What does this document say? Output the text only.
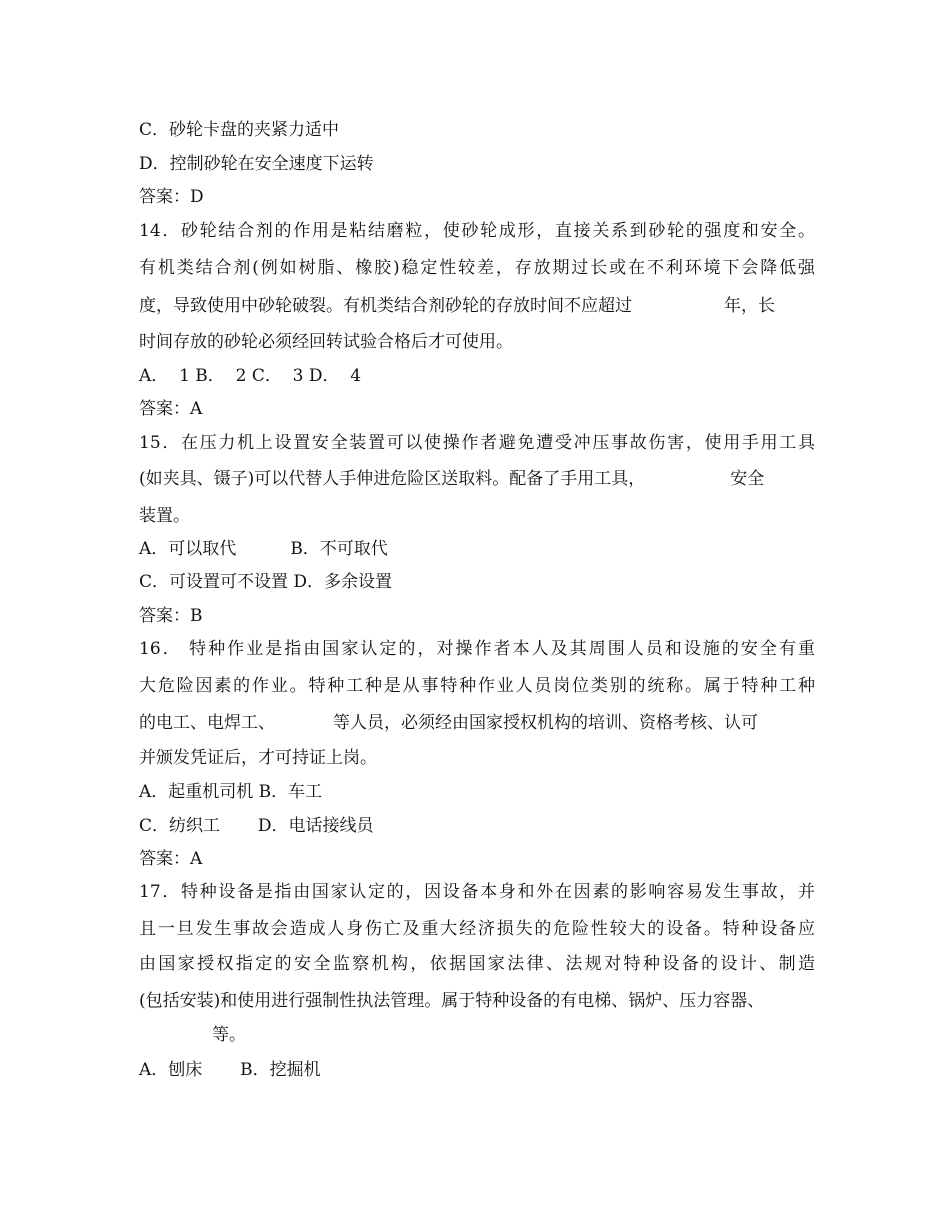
C．砂轮卡盘的夹紧力适中
D．控制砂轮在安全速度下运转
答案：D
14．砂轮结合剂的作用是粘结磨粒，使砂轮成形，直接关系到砂轮的强度和安全。
有机类结合剂(例如树脂、橡胶)稳定性较差，存放期过长或在不利环境下会降低强
度，导致使用中砂轮破裂。有机类结合剂砂轮的存放时间不应超过	年，长
时间存放的砂轮必须经回转试验合格后才可使用。
A．  1 B．  2 C．  3 D．  4
答案：A
15．在压力机上设置安全装置可以使操作者避免遭受冲压事故伤害，使用手用工具
(如夹具、镊子)可以代替人手伸进危险区送取料。配备了手用工具，	安全
装置。
A．可以取代          B．不可取代
C．可设置可不设置 D．多余设置
答案：B
16． 特种作业是指由国家认定的，对操作者本人及其周围人员和设施的安全有重
大危险因素的作业。特种工种是从事特种作业人员岗位类别的统称。属于特种工种
的电工、电焊工、	等人员，必须经由国家授权机构的培训、资格考核、认可
并颁发凭证后，才可持证上岗。
A．起重机司机 B．车工
C．纺织工       D．电话接线员
答案：A
17．特种设备是指由国家认定的，因设备本身和外在因素的影响容易发生事故，并
且一旦发生事故会造成人身伤亡及重大经济损失的危险性较大的设备。特种设备应
由国家授权指定的安全监察机构，依据国家法律、法规对特种设备的设计、制造
(包括安装)和使用进行强制性执法管理。属于特种设备的有电梯、锅炉、压力容器、
等。
A．刨床       B．挖掘机
